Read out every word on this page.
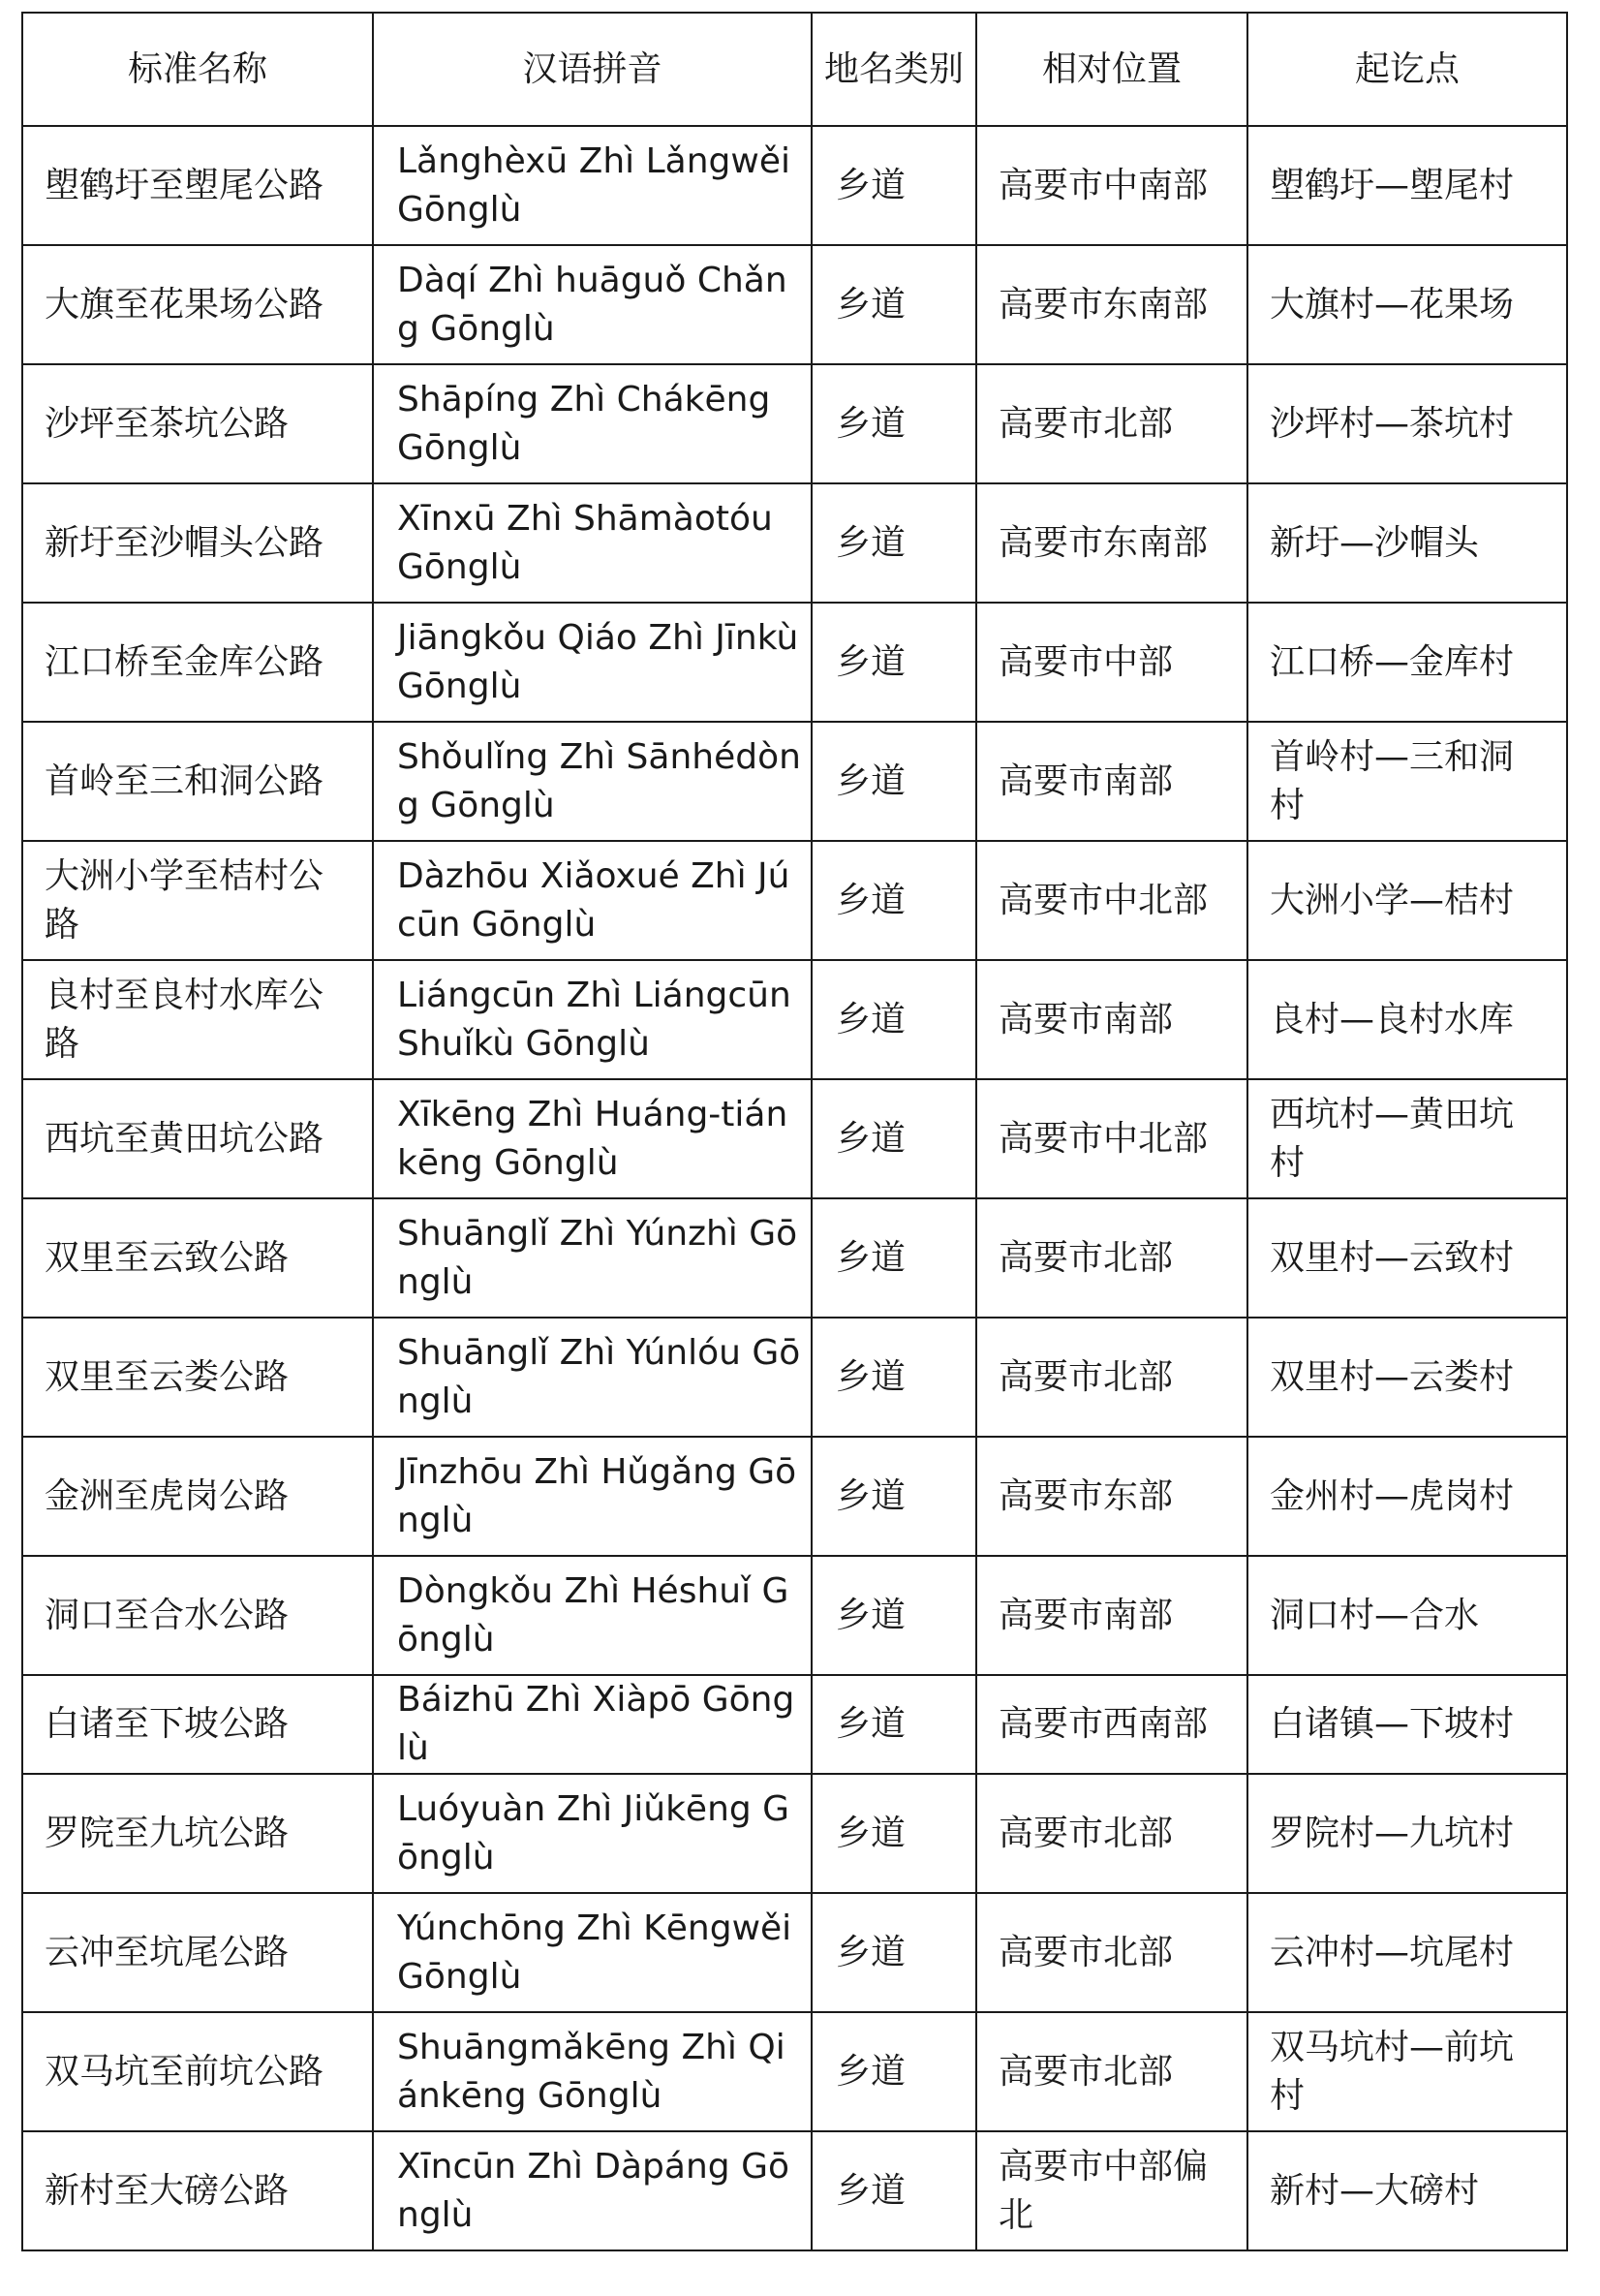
标准名称	汉语拼音	地名类别	相对位置	起讫点
塱鹤圩至塱尾公路	Lǎnghèxū Zhì Lǎngwěi Gōnglù	乡道	高要市中南部	塱鹤圩—塱尾村
大旗至花果场公路	Dàqí Zhì huāguǒ Chǎng Gōnglù	乡道	高要市东南部	大旗村—花果场
沙坪至茶坑公路	Shāpíng Zhì Chákēng Gōnglù	乡道	高要市北部	沙坪村—茶坑村
新圩至沙帽头公路	Xīnxū Zhì Shāmàotóu Gōnglù	乡道	高要市东南部	新圩—沙帽头
江口桥至金库公路	Jiāngkǒu Qiáo Zhì Jīnkù Gōnglù	乡道	高要市中部	江口桥—金库村
首岭至三和洞公路	Shǒulǐng Zhì Sānhédòng Gōnglù	乡道	高要市南部	首岭村—三和洞村
大洲小学至桔村公路	Dàzhōu Xiǎoxué Zhì Júcūn Gōnglù	乡道	高要市中北部	大洲小学—桔村
良村至良村水库公路	Liángcūn Zhì Liángcūn Shuǐkù Gōnglù	乡道	高要市南部	良村—良村水库
西坑至黄田坑公路	Xīkēng Zhì Huáng-tiánkēng Gōnglù	乡道	高要市中北部	西坑村—黄田坑村
双里至云致公路	Shuānglǐ Zhì Yúnzhì Gōnglù	乡道	高要市北部	双里村—云致村
双里至云娄公路	Shuānglǐ Zhì Yúnlóu Gōnglù	乡道	高要市北部	双里村—云娄村
金洲至虎岗公路	Jīnzhōu Zhì Hǔgǎng Gōnglù	乡道	高要市东部	金州村—虎岗村
洞口至合水公路	Dòngkǒu Zhì Héshuǐ Gōnglù	乡道	高要市南部	洞口村—合水
白诸至下坡公路	Báizhū Zhì Xiàpō Gōnglù	乡道	高要市西南部	白诸镇—下坡村
罗院至九坑公路	Luóyuàn Zhì Jiǔkēng Gōnglù	乡道	高要市北部	罗院村—九坑村
云冲至坑尾公路	Yúnchōng Zhì Kēngwěi Gōnglù	乡道	高要市北部	云冲村—坑尾村
双马坑至前坑公路	Shuāngmǎkēng Zhì Qiánkēng Gōnglù	乡道	高要市北部	双马坑村—前坑村
新村至大磅公路	Xīncūn Zhì Dàpáng Gōnglù	乡道	高要市中部偏北	新村—大磅村
